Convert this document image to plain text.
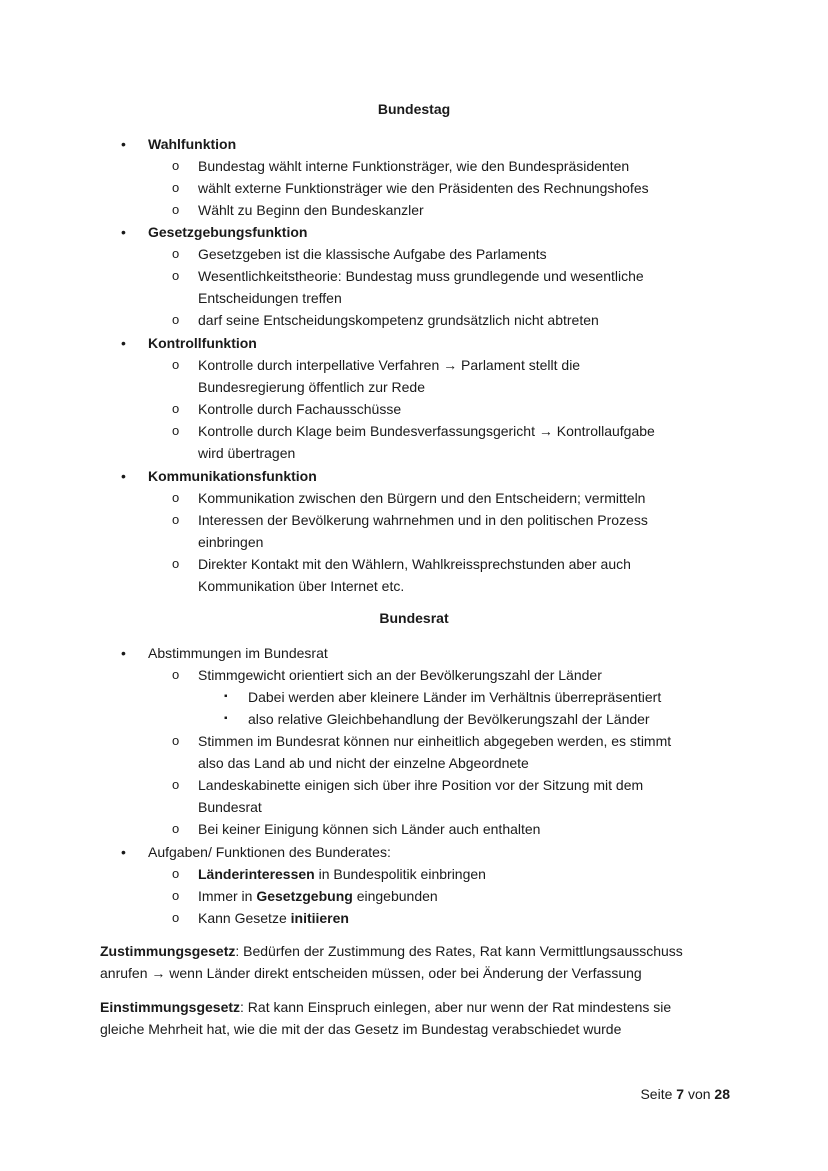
Bundestag
• Wahlfunktion
o Bundestag wählt interne Funktionsträger, wie den Bundespräsidenten
o wählt externe Funktionsträger wie den Präsidenten des Rechnungshofes
o Wählt zu Beginn den Bundeskanzler
• Gesetzgebungsfunktion
o Gesetzgeben ist die klassische Aufgabe des Parlaments
o Wesentlichkeitstheorie: Bundestag muss grundlegende und wesentliche
Entscheidungen treffen
o darf seine Entscheidungskompetenz grundsätzlich nicht abtreten
• Kontrollfunktion
o Kontrolle durch interpellative Verfahren → Parlament stellt die
Bundesregierung öffentlich zur Rede
o Kontrolle durch Fachausschüsse
o Kontrolle durch Klage beim Bundesverfassungsgericht → Kontrollaufgabe
wird übertragen
• Kommunikationsfunktion
o Kommunikation zwischen den Bürgern und den Entscheidern; vermitteln
o Interessen der Bevölkerung wahrnehmen und in den politischen Prozess
einbringen
o Direkter Kontakt mit den Wählern, Wahlkreissprechstunden aber auch
Kommunikation über Internet etc.
Bundesrat
• Abstimmungen im Bundesrat
o Stimmgewicht orientiert sich an der Bevölkerungszahl der Länder
▪ Dabei werden aber kleinere Länder im Verhältnis überrepräsentiert
▪ also relative Gleichbehandlung der Bevölkerungszahl der Länder
o Stimmen im Bundesrat können nur einheitlich abgegeben werden, es stimmt
also das Land ab und nicht der einzelne Abgeordnete
o Landeskabinette einigen sich über ihre Position vor der Sitzung mit dem
Bundesrat
o Bei keiner Einigung können sich Länder auch enthalten
• Aufgaben/ Funktionen des Bunderates:
o Länderinteressen in Bundespolitik einbringen
o Immer in Gesetzgebung eingebunden
o Kann Gesetze initiieren
Zustimmungsgesetz: Bedürfen der Zustimmung des Rates, Rat kann Vermittlungsausschuss
anrufen → wenn Länder direkt entscheiden müssen, oder bei Änderung der Verfassung
Einstimmungsgesetz: Rat kann Einspruch einlegen, aber nur wenn der Rat mindestens sie
gleiche Mehrheit hat, wie die mit der das Gesetz im Bundestag verabschiedet wurde
Seite 7 von 28
